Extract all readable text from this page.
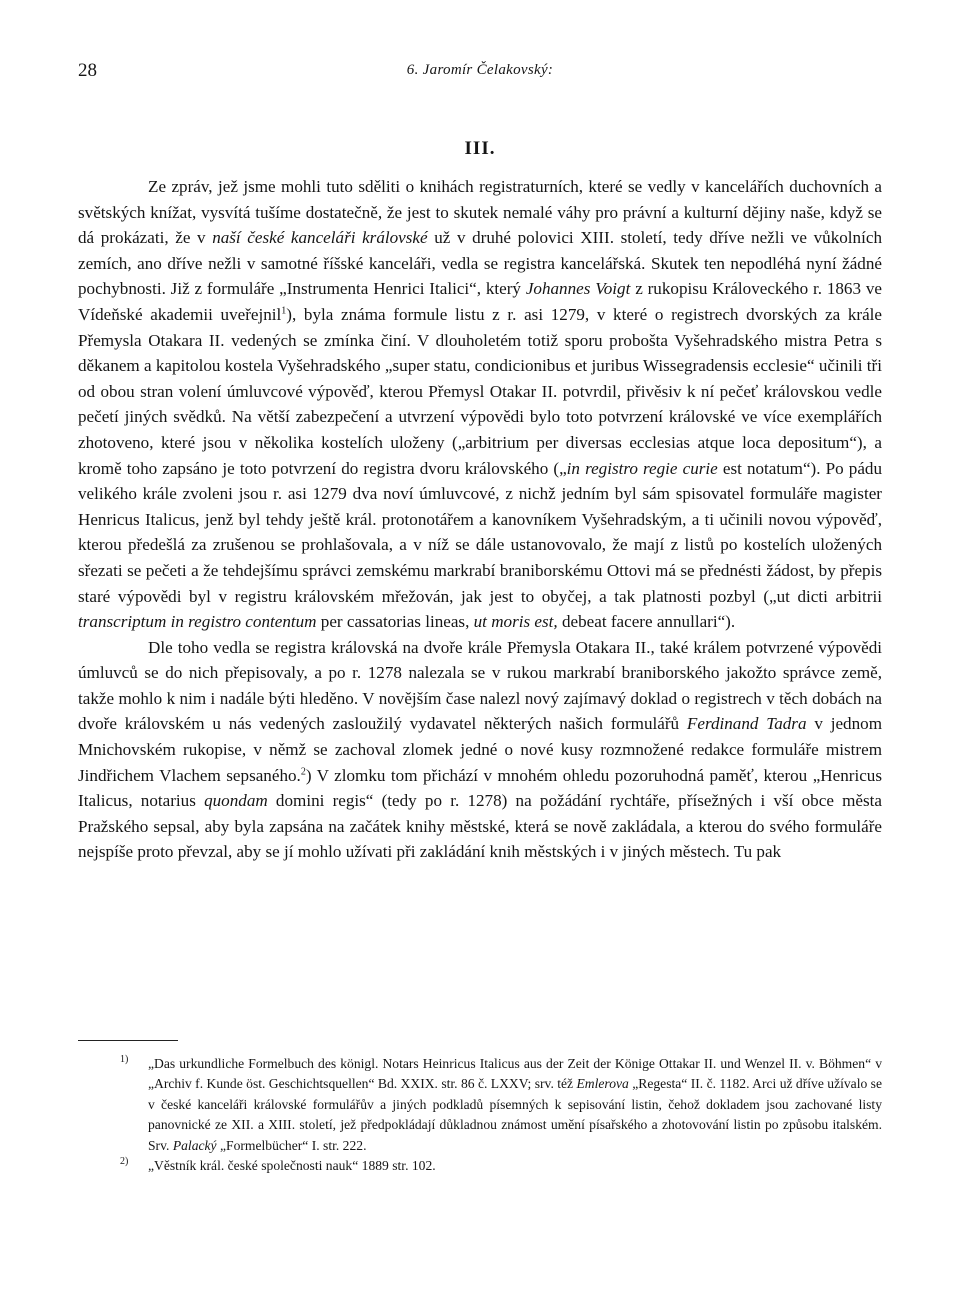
28	6. Jaromír Čelakovský:
III.

Ze zpráv, jež jsme mohli tuto sděliti o knihách registraturních, které se vedly v kancelářích duchovních a světských knížat, vysvítá tušíme dostatečně, že jest to skutek nemalé váhy pro právní a kulturní dějiny naše, když se dá prokázati, že v naší české kanceláři královské už v druhé polovici XIII. století, tedy dříve nežli ve vůkolních zemích, ano dříve nežli v samotné říšské kanceláři, vedla se registra kancelářská. Skutek ten nepodléhá nyní žádné pochybnosti. Již z formuláře „Instrumenta Henrici Italici“, který Johannes Voigt z rukopisu Královeckého r. 1863 ve Vídeňské akademii uveřejnil$^1$), byla známa formule listu z r. asi 1279, v které o registrech dvorských za krále Přemysla Otakara II. vedených se zmínka činí. V dlouholetém totiž sporu probošta Vyšehradského mistra Petra s děkanem a kapitolou kostela Vyšehradského „super statu, condicionibus et juribus Wissegradensis ecclesie“ učinili tři od obou stran volení úmluvcové výpověď, kterou Přemysl Otakar II. potvrdil, přivěsiv k ní pečeť královskou vedle pečetí jiných svědků. Na větší zabezpečení a utvrzení výpovědi bylo toto potvrzení královské ve více exemplářích zhotoveno, které jsou v několika kostelích uloženy („arbitrium per diversas ecclesias atque loca depositum“), a kromě toho zapsáno je toto potvrzení do registra dvoru královského („in registro regie curie est notatum“). Po pádu velikého krále zvoleni jsou r. asi 1279 dva noví úmluvcové, z nichž jedním byl sám spisovatel formuláře magister Henricus Italicus, jenž byl tehdy ještě král. protonotářem a kanovníkem Vyšehradským, a ti učinili novou výpověď, kterou předešlá za zrušenou se prohlašovala, a v níž se dále ustanovovalo, že mají z listů po kostelích uložených sřezati se pečeti a že tehdejšímu správci zemskému markrabí braniborskému Ottovi má se přednésti žádost, by přepis staré výpovědi byl v registru královském mřežován, jak jest to obyčej, a tak platnosti pozbyl („ut dicti arbitrii transcriptum in registro contentum per cassatorias lineas, ut moris est, debeat facere annullari“).

Dle toho vedla se registra královská na dvoře krále Přemysla Otakara II., také králem potvrzené výpovědi úmluvců se do nich přepisovaly, a po r. 1278 nalezala se v rukou markrabí braniborského jakožto správce země, takže mohlo k nim i nadále býti hleděno. V novějším čase nalezl nový zajímavý doklad o registrech v těch dobách na dvoře královském u nás vedených zasloužilý vydavatel některých našich formulářů Ferdinand Tadra v jednom Mnichovském rukopise, v němž se zachoval zlomek jedné o nové kusy rozmnožené redakce formuláře mistrem Jindřichem Vlachem sepsaného.$^2$) V zlomku tom přichází v mnohém ohledu pozoruhodná paměť, kterou „Henricus Italicus, notarius quondam domini regis“ (tedy po r. 1278) na požádání rychtáře, přísežných i vší obce města Pražského sepsal, aby byla zapsána na začátek knihy městské, která se nově zakládala, a kterou do svého formuláře nejspíše proto převzal, aby se jí mohlo užívati při zakládání knih městských i v jiných městech. Tu pak

1) „Das urkundliche Formelbuch des königl. Notars Heinricus Italicus aus der Zeit der Könige Ottakar II. und Wenzel II. v. Böhmen“ v „Archiv f. Kunde öst. Geschichtsquellen“ Bd. XXIX. str. 86 č. LXXV; srv. též Emlerova „Regesta“ II. č. 1182. Arci už dříve užívalo se v české kanceláři královské formulářův a jiných podkladů písemných k sepisování listin, čehož dokladem jsou zachované listy panovnické ze XII. a XIII. století, jež předpokládají důkladnou známost umění písařského a zhotovování listin po způsobu italském. Srv. Palacký „Formelbücher“ I. str. 222.

2) „Věstník král. české společnosti nauk“ 1889 str. 102.
